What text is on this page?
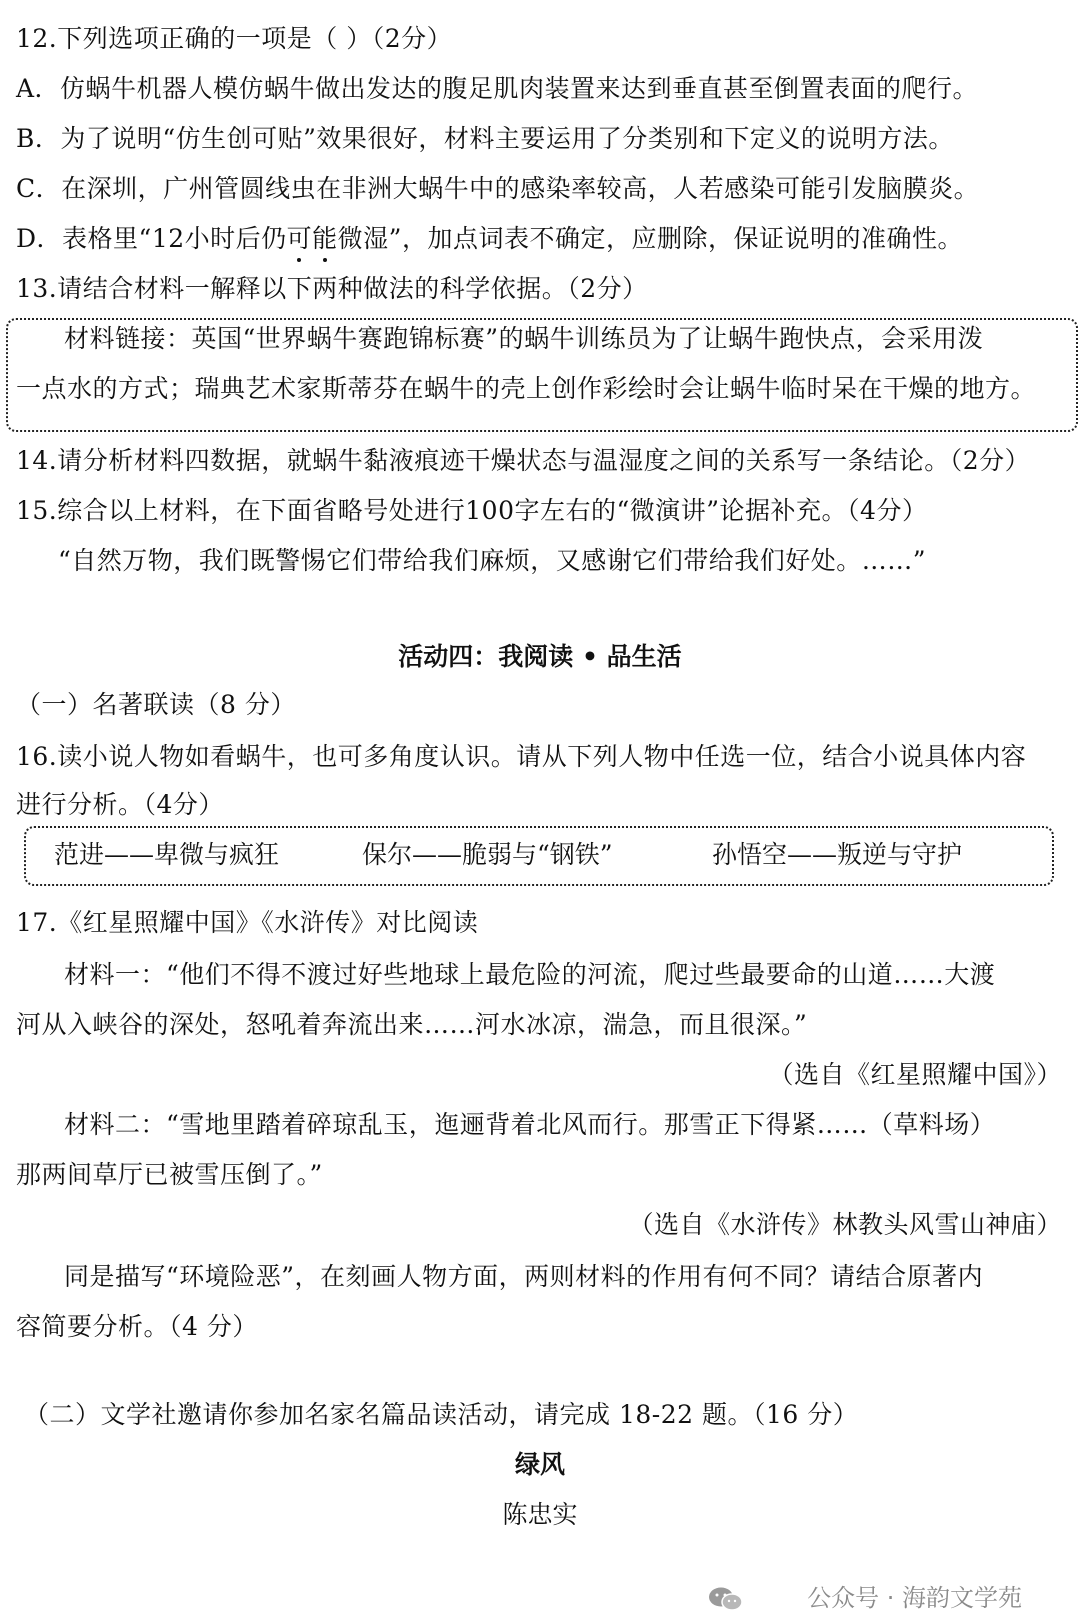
12.下列选项正确的一项是（ ）（2分）

A．仿蜗牛机器人模仿蜗牛做出发达的腹足肌肉装置来达到垂直甚至倒置表面的爬行。

B．为了说明“仿生创可贴”效果很好，材料主要运用了分类别和下定义的说明方法。

C．在深圳，广州管圆线虫在非洲大蜗牛中的感染率较高，人若感染可能引发脑膜炎。

D．表格里“12小时后仍可能微湿”，加点词表不确定，应删除，保证说明的准确性。

13.请结合材料一解释以下两种做法的科学依据。（2分）

材料链接：英国“世界蜗牛赛跑锦标赛”的蜗牛训练员为了让蜗牛跑快点，会采用泼

一点水的方式；瑞典艺术家斯蒂芬在蜗牛的壳上创作彩绘时会让蜗牛临时呆在干燥的地方。

14.请分析材料四数据，就蜗牛黏液痕迹干燥状态与温湿度之间的关系写一条结论。（2分）

15.综合以上材料，在下面省略号处进行100字左右的“微演讲”论据补充。（4分）

“自然万物，我们既警惕它们带给我们麻烦，又感谢它们带给我们好处。……”

活动四：我阅读 • 品生活

（一）名著联读（8 分）

16.读小说人物如看蜗牛，也可多角度认识。请从下列人物中任选一位，结合小说具体内容

进行分析。（4分）

范进——卑微与疯狂	保尔——脆弱与“钢铁”	孙悟空——叛逆与守护

17.《红星照耀中国》《水浒传》对比阅读

材料一：“他们不得不渡过好些地球上最危险的河流，爬过些最要命的山道……大渡

河从入峡谷的深处，怒吼着奔流出来……河水冰凉，湍急，而且很深。”

（选自《红星照耀中国》）

材料二：“雪地里踏着碎琼乱玉，迤逦背着北风而行。那雪正下得紧……（草料场）

那两间草厅已被雪压倒了。”

（选自《水浒传》林教头风雪山神庙）

同是描写“环境险恶”，在刻画人物方面，两则材料的作用有何不同？请结合原著内

容简要分析。（4 分）

（二）文学社邀请你参加名家名篇品读活动，请完成 18-22 题。（16 分）

绿风
陈忠实
公众号 · 海韵文学苑
